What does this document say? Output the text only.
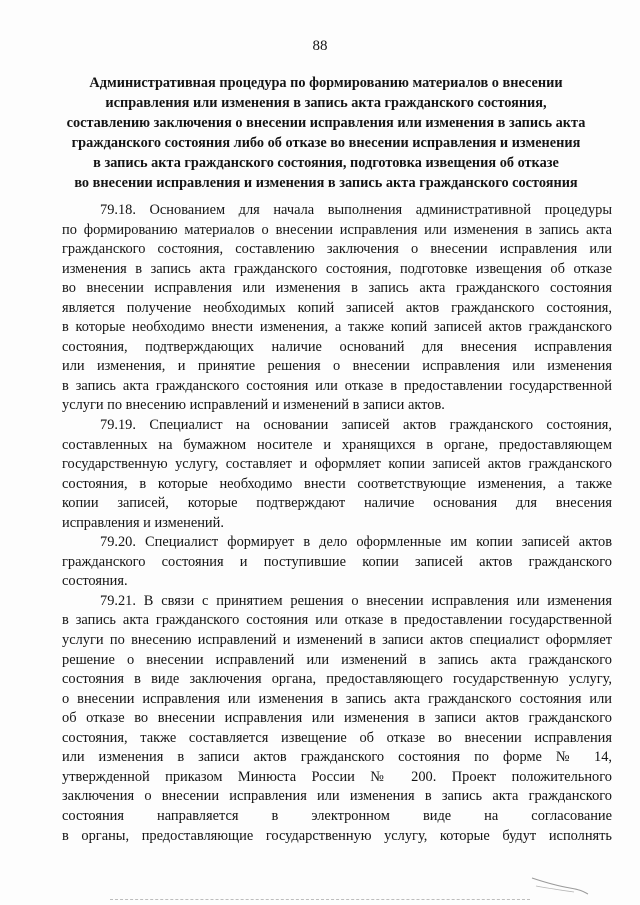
88
Административная процедура по формированию материалов о внесении
исправления или изменения в запись акта гражданского состояния,
составлению заключения о внесении исправления или изменения в запись акта
гражданского состояния либо об отказе во внесении исправления и изменения
в запись акта гражданского состояния, подготовка извещения об отказе
во внесении исправления и изменения в запись акта гражданского состояния
79.18. Основанием для начала выполнения административной процедуры
по формированию материалов о внесении исправления или изменения в запись акта
гражданского состояния, составлению заключения о внесении исправления или
изменения в запись акта гражданского состояния, подготовке извещения об отказе
во внесении исправления или изменения в запись акта гражданского состояния
является получение необходимых копий записей актов гражданского состояния,
в которые необходимо внести изменения, а также копий записей актов гражданского
состояния, подтверждающих наличие оснований для внесения исправления
или изменения, и принятие решения о внесении исправления или изменения
в запись акта гражданского состояния или отказе в предоставлении государственной
услуги по внесению исправлений и изменений в записи актов.
79.19. Специалист на основании записей актов гражданского состояния,
составленных на бумажном носителе и хранящихся в органе, предоставляющем
государственную услугу, составляет и оформляет копии записей актов гражданского
состояния, в которые необходимо внести соответствующие изменения, а также
копии записей, которые подтверждают наличие основания для внесения
исправления и изменений.
79.20. Специалист формирует в дело оформленные им копии записей актов
гражданского состояния и поступившие копии записей актов гражданского
состояния.
79.21. В связи с принятием решения о внесении исправления или изменения
в запись акта гражданского состояния или отказе в предоставлении государственной
услуги по внесению исправлений и изменений в записи актов специалист оформляет
решение о внесении исправлений или изменений в запись акта гражданского
состояния в виде заключения органа, предоставляющего государственную услугу,
о внесении исправления или изменения в запись акта гражданского состояния или
об отказе во внесении исправления или изменения в записи актов гражданского
состояния, также составляется извещение об отказе во внесении исправления
или изменения в записи актов гражданского состояния по форме № 14,
утвержденной приказом Минюста России № 200. Проект положительного
заключения о внесении исправления или изменения в запись акта гражданского
состояния направляется в электронном виде на согласование
в органы, предоставляющие государственную услугу, которые будут исполнять
